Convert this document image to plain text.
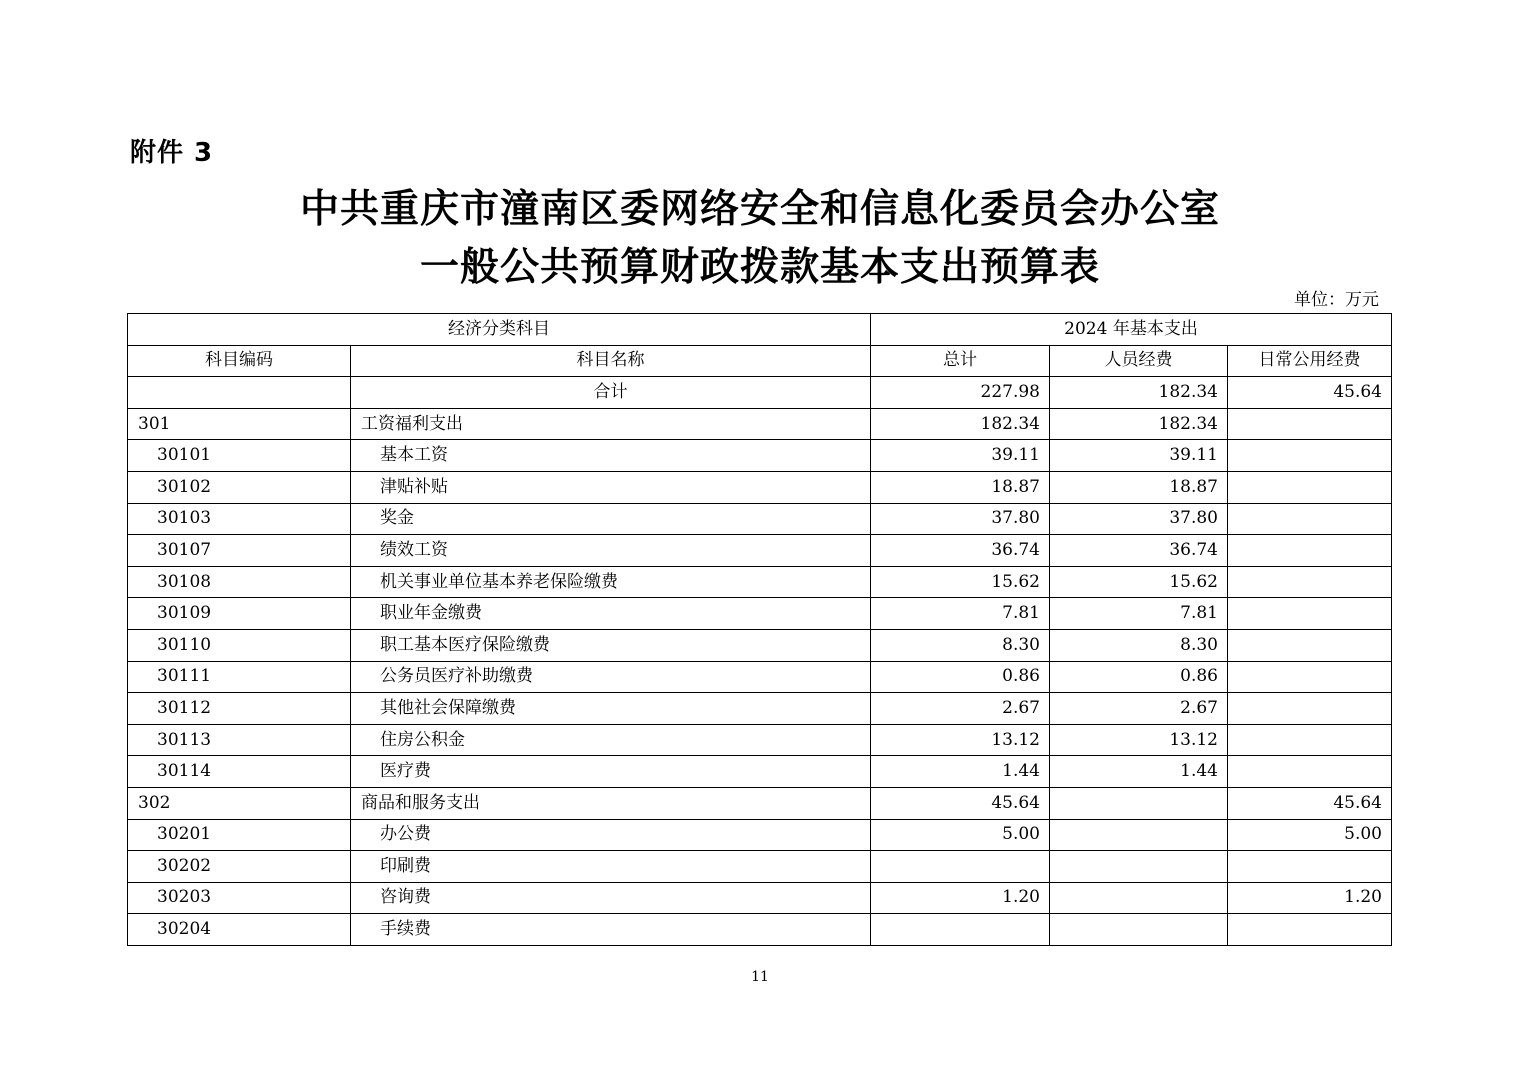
附件 3
中共重庆市潼南区委网络安全和信息化委员会办公室
一般公共预算财政拨款基本支出预算表
单位：万元
经济分类科目		2024 年基本支出		
科目编码	科目名称	总计	人员经费	日常公用经费
	合计	227.98	182.34	45.64
301	工资福利支出	182.34	182.34	
30101	基本工资	39.11	39.11	
30102	津贴补贴	18.87	18.87	
30103	奖金	37.80	37.80	
30107	绩效工资	36.74	36.74	
30108	机关事业单位基本养老保险缴费	15.62	15.62	
30109	职业年金缴费	7.81	7.81	
30110	职工基本医疗保险缴费	8.30	8.30	
30111	公务员医疗补助缴费	0.86	0.86	
30112	其他社会保障缴费	2.67	2.67	
30113	住房公积金	13.12	13.12	
30114	医疗费	1.44	1.44	
302	商品和服务支出	45.64		45.64
30201	办公费	5.00		5.00
30202	印刷费			
30203	咨询费	1.20		1.20
30204	手续费			
11
